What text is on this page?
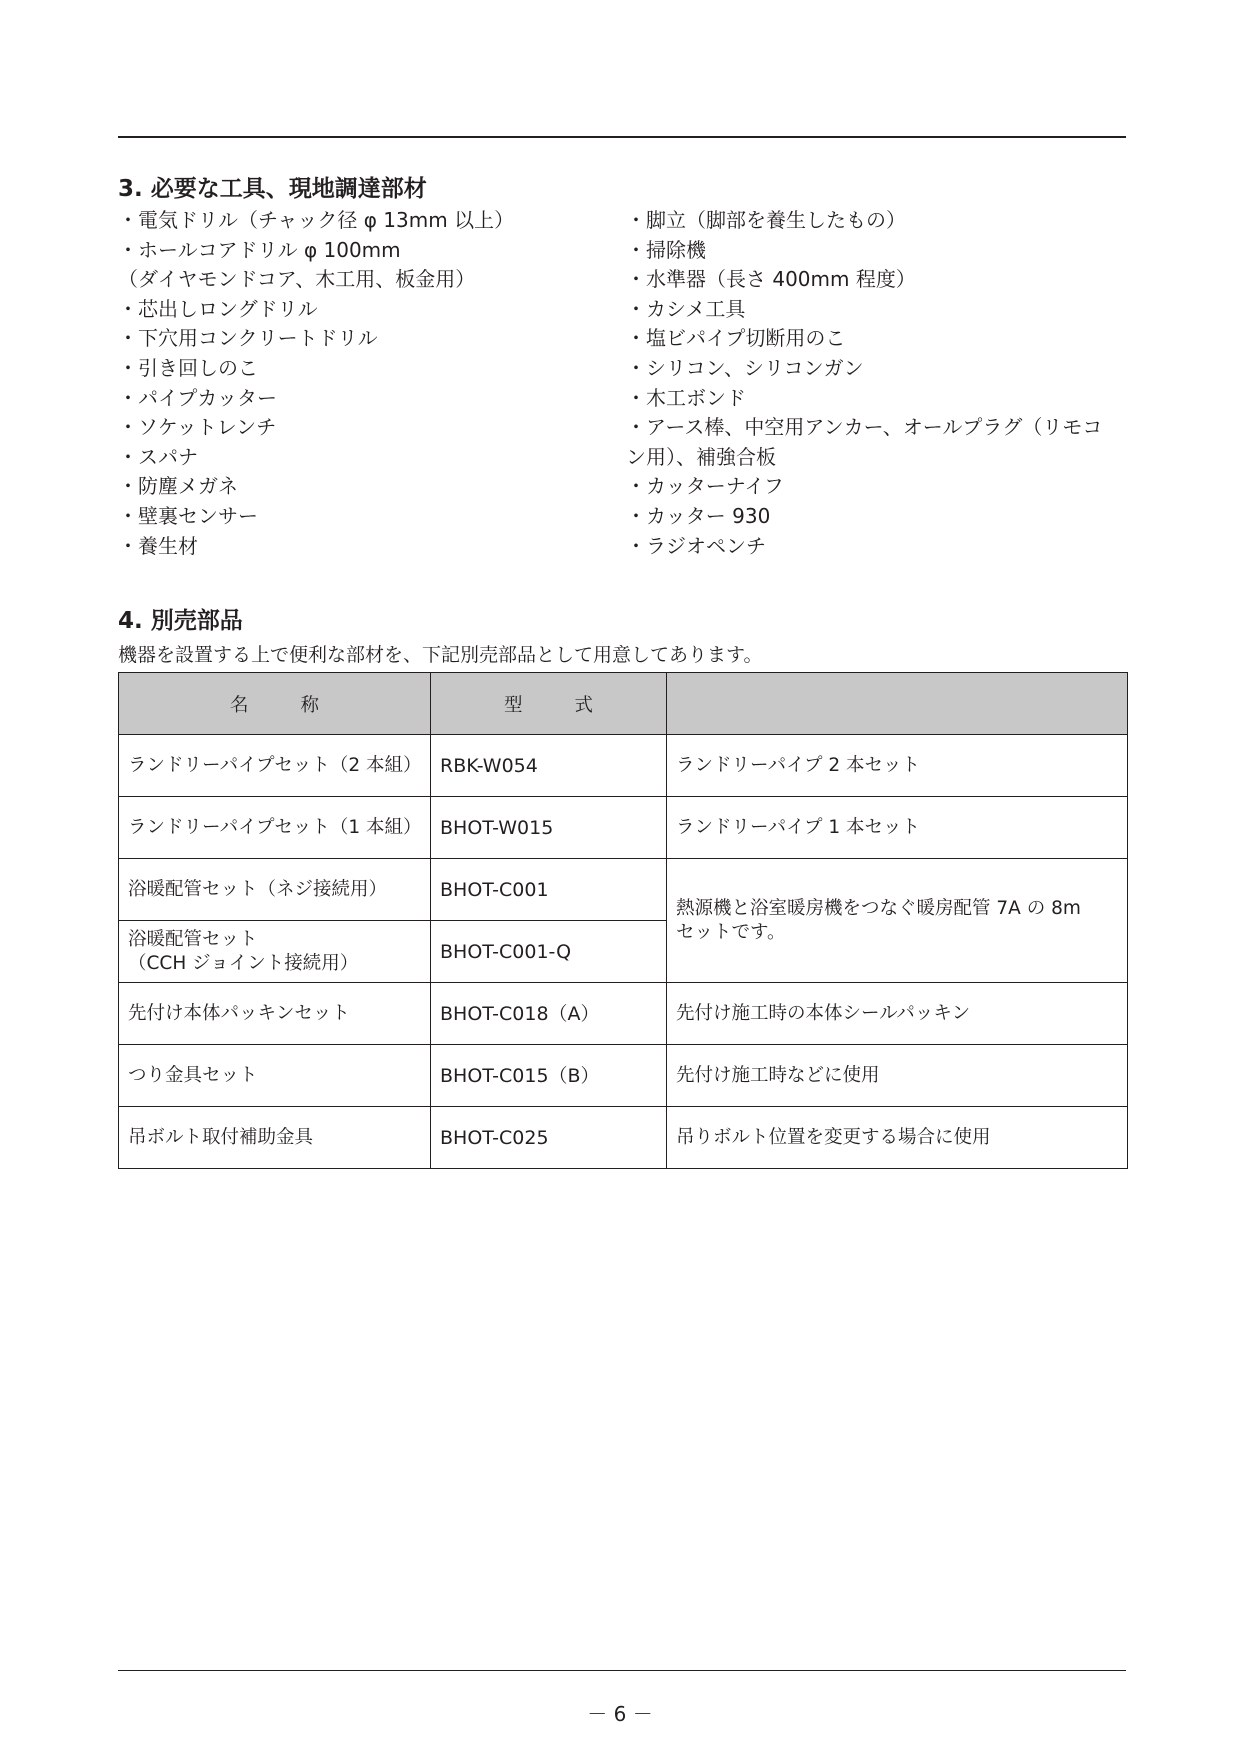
3. 必要な工具、現地調達部材
・電気ドリル（チャック径 φ 13mm 以上）
・ホールコアドリル φ 100mm
（ダイヤモンドコア、木工用、板金用）
・芯出しロングドリル
・下穴用コンクリートドリル
・引き回しのこ
・パイプカッター
・ソケットレンチ
・スパナ
・防塵メガネ
・壁裏センサー
・養生材
・脚立（脚部を養生したもの）
・掃除機
・水準器（長さ 400mm 程度）
・カシメ工具
・塩ビパイプ切断用のこ
・シリコン、シリコンガン
・木工ボンド
・アース棒、中空用アンカー、オールプラグ（リモコ
ン用）、補強合板
・カッターナイフ
・カッター 930
・ラジオペンチ
4. 別売部品
機器を設置する上で便利な部材を、下記別売部品として用意してあります。
名称	型式	
ランドリーパイプセット（2 本組）	RBK-W054	ランドリーパイプ 2 本セット
ランドリーパイプセット（1 本組）	BHOT-W015	ランドリーパイプ 1 本セット
浴暖配管セット（ネジ接続用）	BHOT-C001	熱源機と浴室暖房機をつなぐ暖房配管 7A の 8m
セットです。
浴暖配管セット
（CCH ジョイント接続用）	BHOT-C001-Q	
先付け本体パッキンセット	BHOT-C018（A）	先付け施工時の本体シールパッキン
つり金具セット	BHOT-C015（B）	先付け施工時などに使用
吊ボルト取付補助金具	BHOT-C025	吊りボルト位置を変更する場合に使用
－ 6 －
